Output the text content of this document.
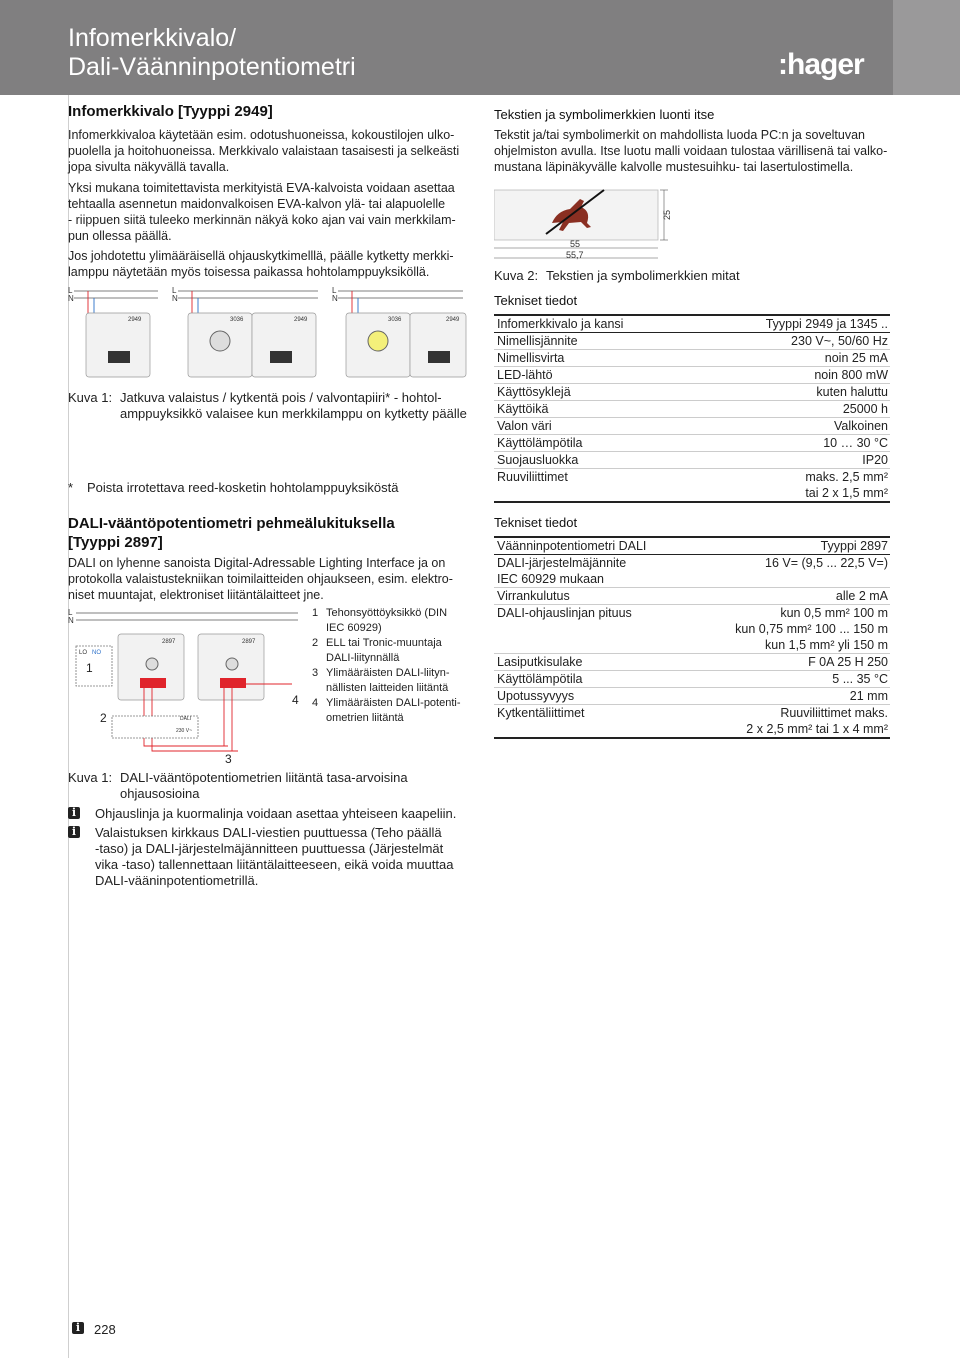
Infomerkkivalo/
Dali-Väänninpotentiometri	:hager
Infomerkkivalo [Tyyppi 2949]
Infomerkkivaloa käytetään esim. odotushuoneissa, kokoustilojen ulko-
puolella ja hoitohuoneissa. Merkkivalo valaistaan tasaisesti ja selkeästi
jopa sivulta näkyvällä tavalla.
Yksi mukana toimitettavista merkityistä EVA-kalvoista voidaan asettaa
tehtaalla asennetun maidonvalkoisen EVA-kalvon ylä- tai alapuolelle
- riippuen siitä tuleeko merkinnän näkyä koko ajan vai vain merkkilam-
pun ollessa päällä.
Jos johdotettu ylimääräisellä ohjauskytkimelllä, päälle kytketty merkki-
lamppu näytetään myös toisessa paikassa hohtolamppuyksiköllä.
L
N
L
N
L
N
2949	3036	2949	3036	2949
Kuva 1: Jatkuva valaistus / kytkentä pois / valvontapiiri* - hohtol-
amppuyksikkö valaisee kun merkkilamppu on kytketty päälle
* Poista irrotettava reed-kosketin hohtolamppuyksiköstä
Tekstien ja symbolimerkkien luonti itse
Tekstit ja/tai symbolimerkit on mahdollista luoda PC:n ja soveltuvan
ohjelmiston avulla. Itse luotu malli voidaan tulostaa värillisenä tai valko-
mustana läpinäkyvälle kalvolle mustesuihku- tai lasertulostimella.
25
55
55,7
Kuva 2: Tekstien ja symbolimerkkien mitat
Tekniset tiedot
Infomerkkivalo ja kansi	Tyyppi 2949 ja 1345 ..
Nimellisjännite	230 V~, 50/60 Hz
Nimellisvirta	noin 25 mA
LED-lähtö	noin 800 mW
Käyttösyklejä	kuten haluttu
Käyttöikä	25000 h
Valon väri	Valkoinen
Käyttölämpötila	10 … 30 °C
Suojausluokka	IP20
Ruuviliittimet	maks. 2,5 mm²
	tai 2 x 1,5 mm²
DALI-vääntöpotentiometri pehmeälukituksella
[Tyyppi 2897]
DALI on lyhenne sanoista Digital-Adressable Lighting Interface ja on
protokolla valaistustekniikan toimilaitteiden ohjaukseen, esim. elektro-
niset muuntajat, elektroniset liitäntälaitteet jne.
L
N
LO NO
1
2897	2897
DALI
230 V~
2
3
4
1 Tehonsyöttöyksikkö (DIN
IEC 60929)
2 ELL tai Tronic-muuntaja
DALI-liitynnällä
3 Ylimääräisten DALI-liityn-
nällisten laitteiden liitäntä
4 Ylimääräisten DALI-potenti-
ometrien liitäntä
Kuva 1: DALI-vääntöpotentiometrien liitäntä tasa-arvoisina
ohjausosioina
i	Ohjauslinja ja kuormalinja voidaan asettaa yhteiseen kaapeliin.
i	Valaistuksen kirkkaus DALI-viestien puuttuessa (Teho päällä
-taso) ja DALI-järjestelmäjännitteen puuttuessa (Järjestelmät
vika -taso) tallennettaan liitäntälaitteeseen, eikä voida muuttaa
DALI-vääninpotentiometrillä.
Tekniset tiedot
Väänninpotentiometri DALI	Tyyppi 2897
DALI-järjestelmäjännite	16 V= (9,5 ... 22,5 V=)
IEC 60929 mukaan	
Virrankulutus	alle 2 mA
DALI-ohjauslinjan pituus	kun 0,5 mm² 100 m
	kun 0,75 mm² 100 ... 150 m
	kun 1,5 mm² yli 150 m
Lasiputkisulake	F 0A 25 H 250
Käyttölämpötila	5 ... 35 °C
Upotussyvyys	21 mm
Kytkentäliittimet	Ruuviliittimet maks.
	2 x 2,5 mm² tai 1 x 4 mm²
i	228
